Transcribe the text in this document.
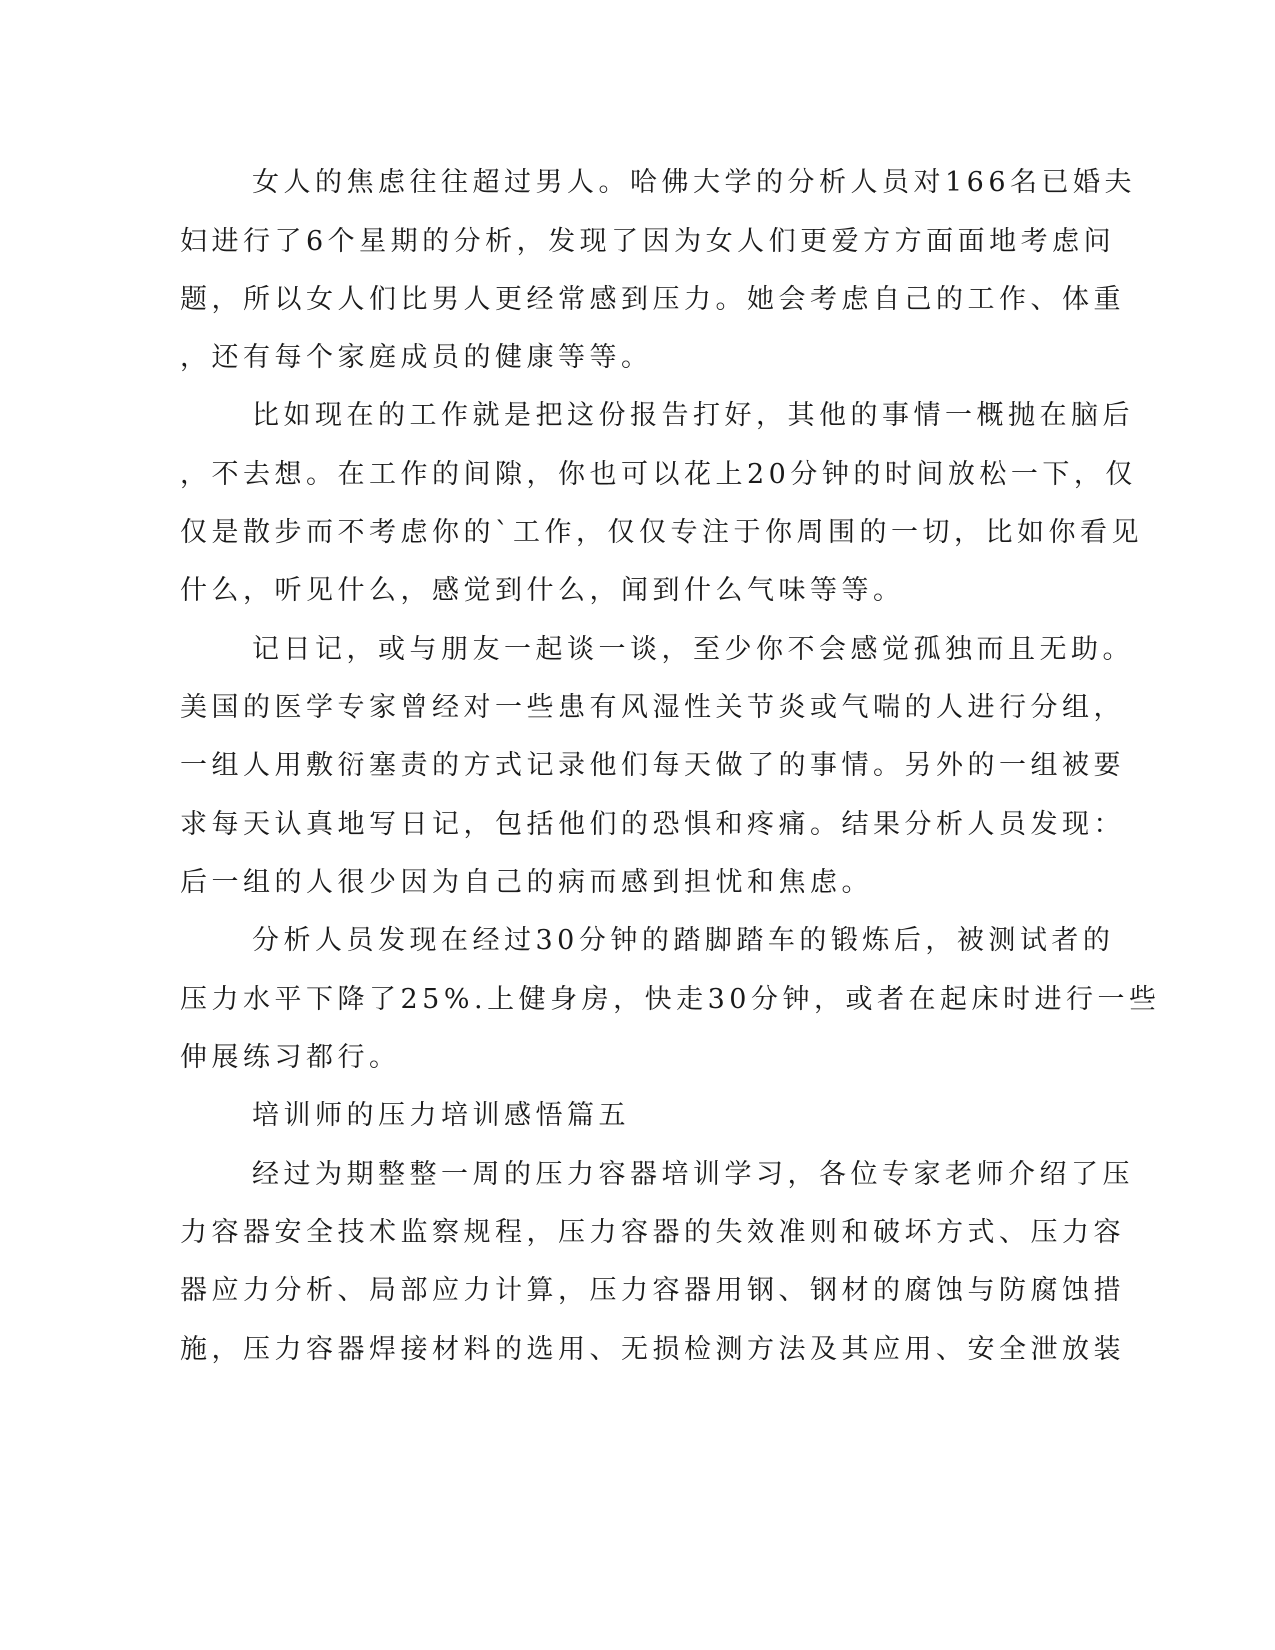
女人的焦虑往往超过男人。哈佛大学的分析人员对166名已婚夫
妇进行了6个星期的分析，发现了因为女人们更爱方方面面地考虑问
题，所以女人们比男人更经常感到压力。她会考虑自己的工作、体重
，还有每个家庭成员的健康等等。
比如现在的工作就是把这份报告打好，其他的事情一概抛在脑后
，不去想。在工作的间隙，你也可以花上20分钟的时间放松一下，仅
仅是散步而不考虑你的`工作，仅仅专注于你周围的一切，比如你看见
什么，听见什么，感觉到什么，闻到什么气味等等。
记日记，或与朋友一起谈一谈，至少你不会感觉孤独而且无助。
美国的医学专家曾经对一些患有风湿性关节炎或气喘的人进行分组，
一组人用敷衍塞责的方式记录他们每天做了的事情。另外的一组被要
求每天认真地写日记，包括他们的恐惧和疼痛。结果分析人员发现：
后一组的人很少因为自己的病而感到担忧和焦虑。
分析人员发现在经过30分钟的踏脚踏车的锻炼后，被测试者的
压力水平下降了25%.上健身房，快走30分钟，或者在起床时进行一些
伸展练习都行。
培训师的压力培训感悟篇五
经过为期整整一周的压力容器培训学习，各位专家老师介绍了压
力容器安全技术监察规程，压力容器的失效准则和破坏方式、压力容
器应力分析、局部应力计算，压力容器用钢、钢材的腐蚀与防腐蚀措
施，压力容器焊接材料的选用、无损检测方法及其应用、安全泄放装
